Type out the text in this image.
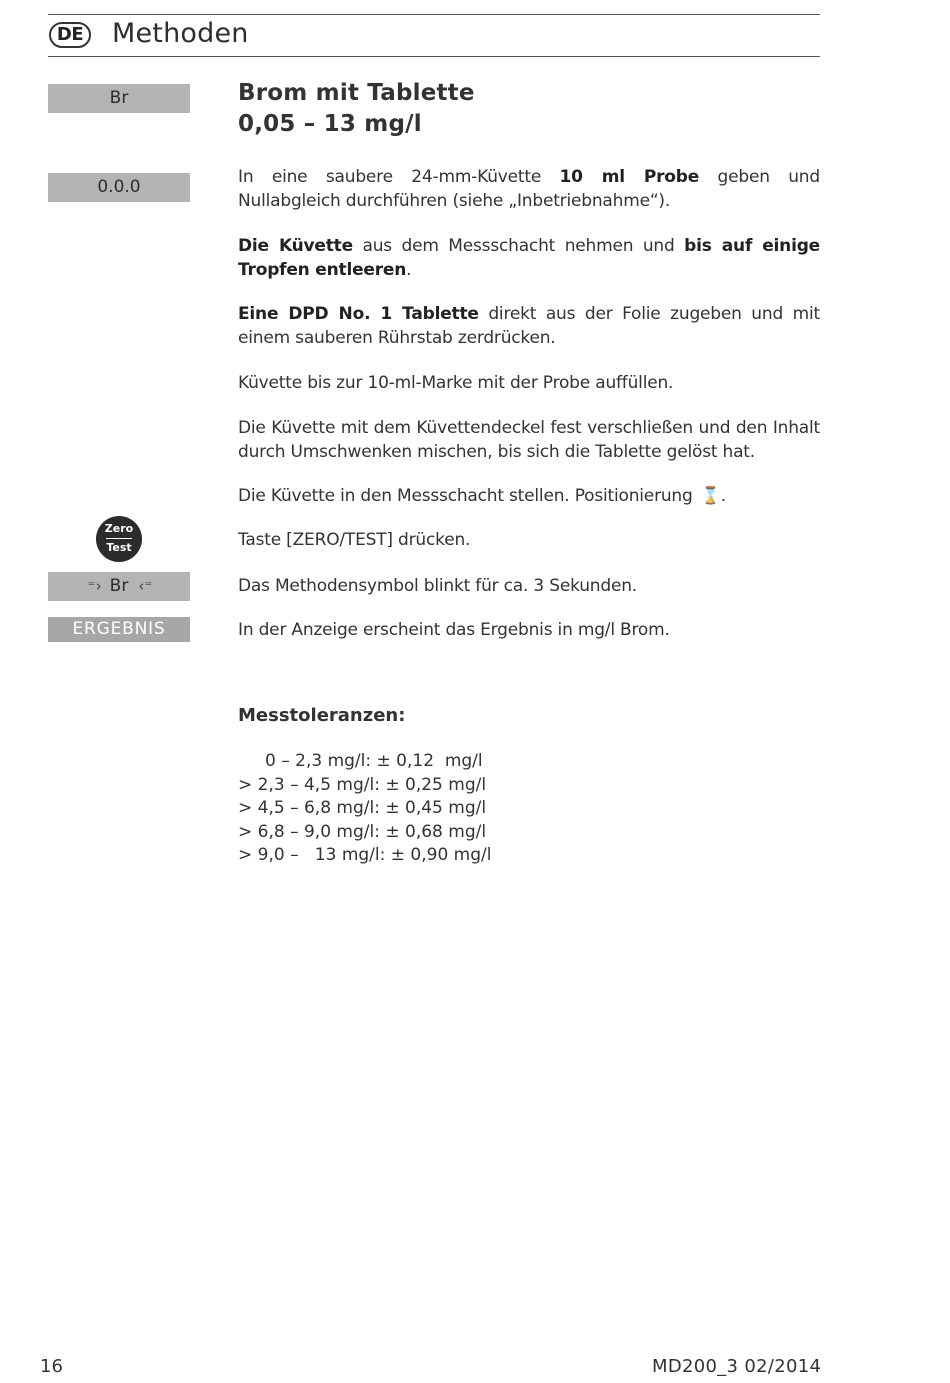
DE Methoden
Br
0.0.0
Zero
Test
⁼› Br ‹⁼
ERGEBNIS
Brom mit Tablette
0,05 – 13 mg/l
In eine saubere 24-mm-Küvette 10 ml Probe geben und Nullabgleich durchführen (siehe „Inbetriebnahme“).
Die Küvette aus dem Messschacht nehmen und bis auf einige Tropfen entleeren.
Eine DPD No. 1 Tablette direkt aus der Folie zugeben und mit einem sauberen Rührstab zerdrücken.
Küvette bis zur 10-ml-Marke mit der Probe auffüllen.
Die Küvette mit dem Küvettendeckel fest verschließen und den Inhalt durch Umschwenken mischen, bis sich die Tablette gelöst hat.
Die Küvette in den Messschacht stellen. Positionierung ⌛ .
Taste [ZERO/TEST] drücken.
Das Methodensymbol blinkt für ca. 3 Sekunden.
In der Anzeige erscheint das Ergebnis in mg/l Brom.
Messtoleranzen:
0 – 2,3 mg/l: ± 0,12  mg/l
> 2,3 – 4,5 mg/l: ± 0,25 mg/l
> 4,5 – 6,8 mg/l: ± 0,45 mg/l
> 6,8 – 9,0 mg/l: ± 0,68 mg/l
> 9,0 –   13 mg/l: ± 0,90 mg/l
16	MD200_3 02/2014
